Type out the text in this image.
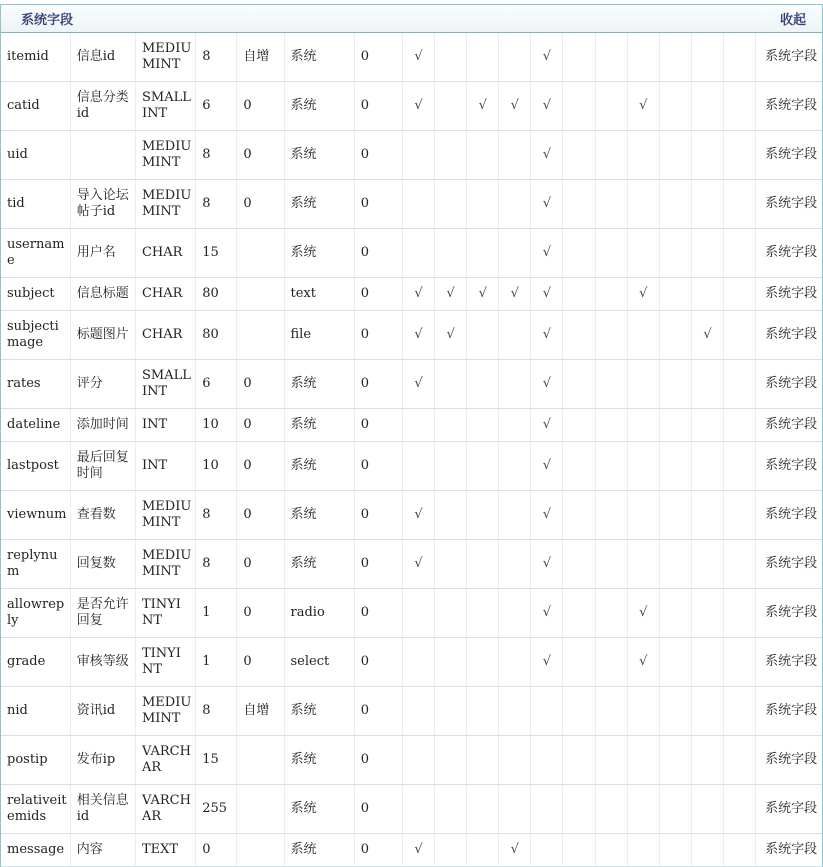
系统字段	收起
itemid	信息id	MEDIUMINT	8	自增	系统	0	√				√							系统字段
catid	信息分类id	SMALLINT	6	0	系统	0	√		√	√	√			√				系统字段
uid		MEDIUMINT	8	0	系统	0					√							系统字段
tid	导入论坛帖子id	MEDIUMINT	8	0	系统	0					√							系统字段
username	用户名	CHAR	15		系统	0					√							系统字段
subject	信息标题	CHAR	80		text	0	√	√	√	√	√			√				系统字段
subjectimage	标题图片	CHAR	80		file	0	√	√			√					√		系统字段
rates	评分	SMALLINT	6	0	系统	0	√				√							系统字段
dateline	添加时间	INT	10	0	系统	0					√							系统字段
lastpost	最后回复时间	INT	10	0	系统	0					√							系统字段
viewnum	查看数	MEDIUMINT	8	0	系统	0	√				√							系统字段
replynum	回复数	MEDIUMINT	8	0	系统	0	√				√							系统字段
allowreply	是否允许回复	TINYINT	1	0	radio	0					√			√				系统字段
grade	审核等级	TINYINT	1	0	select	0					√			√				系统字段
nid	资讯id	MEDIUMINT	8	自增	系统	0												系统字段
postip	发布ip	VARCHAR	15		系统	0												系统字段
relativeitemids	相关信息id	VARCHAR	255		系统	0												系统字段
message	内容	TEXT	0		系统	0	√			√								系统字段
